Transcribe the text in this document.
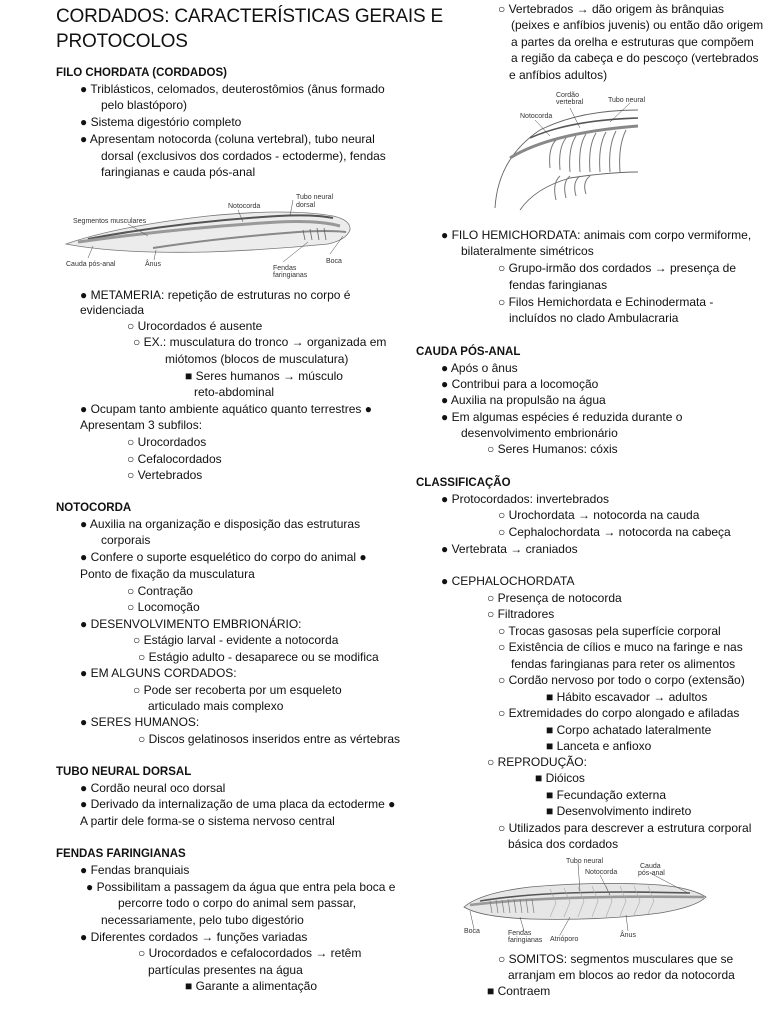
CORDADOS: CARACTERÍSTICAS GERAIS E
PROTOCOLOS
FILO CHORDATA (CORDADOS)
● Triblásticos, celomados, deuterostômios (ânus formado
pelo blastóporo)
● Sistema digestório completo
● Apresentam notocorda (coluna vertebral), tubo neural
dorsal (exclusivos dos cordados - ectoderme), fendas
faringianas e cauda pós-anal
Segmentos musculares
Notocorda
Tubo neural
dorsal
Cauda pós-anal	Ânus
Fendas
faringianas
Boca
● METAMERIA: repetição de estruturas no corpo é
evidenciada
○ Urocordados é ausente
○ EX.: musculatura do tronco → organizada em
miótomos (blocos de musculatura)
■ Seres humanos → músculo
reto-abdominal
● Ocupam tanto ambiente aquático quanto terrestres ●
Apresentam 3 subfilos:
○ Urocordados
○ Cefalocordados
○ Vertebrados
NOTOCORDA
● Auxilia na organização e disposição das estruturas
corporais
● Confere o suporte esquelético do corpo do animal ●
Ponto de fixação da musculatura
○ Contração
○ Locomoção
● DESENVOLVIMENTO EMBRIONÁRIO:
○ Estágio larval - evidente a notocorda
○ Estágio adulto - desaparece ou se modifica
● EM ALGUNS CORDADOS:
○ Pode ser recoberta por um esqueleto
articulado mais complexo
● SERES HUMANOS:
○ Discos gelatinosos inseridos entre as vértebras
TUBO NEURAL DORSAL
● Cordão neural oco dorsal
● Derivado da internalização de uma placa da ectoderme ●
A partir dele forma-se o sistema nervoso central
FENDAS FARINGIANAS
● Fendas branquiais
● Possibilitam a passagem da água que entra pela boca e
percorre todo o corpo do animal sem passar,
necessariamente, pelo tubo digestório
● Diferentes cordados → funções variadas
○ Urocordados e cefalocordados → retêm
partículas presentes na água
■ Garante a alimentação
○ Vertebrados → dão origem às brânquias
(peixes e anfíbios juvenis) ou então dão origem
a partes da orelha e estruturas que compõem
a região da cabeça e do pescoço (vertebrados
e anfíbios adultos)
Cordão
vertebral	Tubo neural
Notocorda
● FILO HEMICHORDATA: animais com corpo vermiforme,
bilateralmente simétricos
○ Grupo-irmão dos cordados → presença de
fendas faringianas
○ Filos Hemichordata e Echinodermata -
incluídos no clado Ambulacraria
CAUDA PÓS-ANAL
● Após o ânus
● Contribui para a locomoção
● Auxilia na propulsão na água
● Em algumas espécies é reduzida durante o
desenvolvimento embrionário
○ Seres Humanos: cóxis
CLASSIFICAÇÃO
● Protocordados: invertebrados
○ Urochordata → notocorda na cauda
○ Cephalochordata → notocorda na cabeça
● Vertebrata → craniados
● CEPHALOCHORDATA
○ Presença de notocorda
○ Filtradores
○ Trocas gasosas pela superfície corporal
○ Existência de cílios e muco na faringe e nas
fendas faringianas para reter os alimentos
○ Cordão nervoso por todo o corpo (extensão)
■ Hábito escavador → adultos
○ Extremidades do corpo alongado e afiladas
■ Corpo achatado lateralmente
■ Lanceta e anfioxo
○ REPRODUÇÃO:
■ Dióicos
■ Fecundação externa
■ Desenvolvimento indireto
○ Utilizados para descrever a estrutura corporal
básica dos cordados
Tubo neural
Notocorda
Cauda
pós-anal
Boca	Fendas
faringianas Atrióporo
Ânus
○ SOMITOS: segmentos musculares que se
arranjam em blocos ao redor da notocorda
■ Contraem
